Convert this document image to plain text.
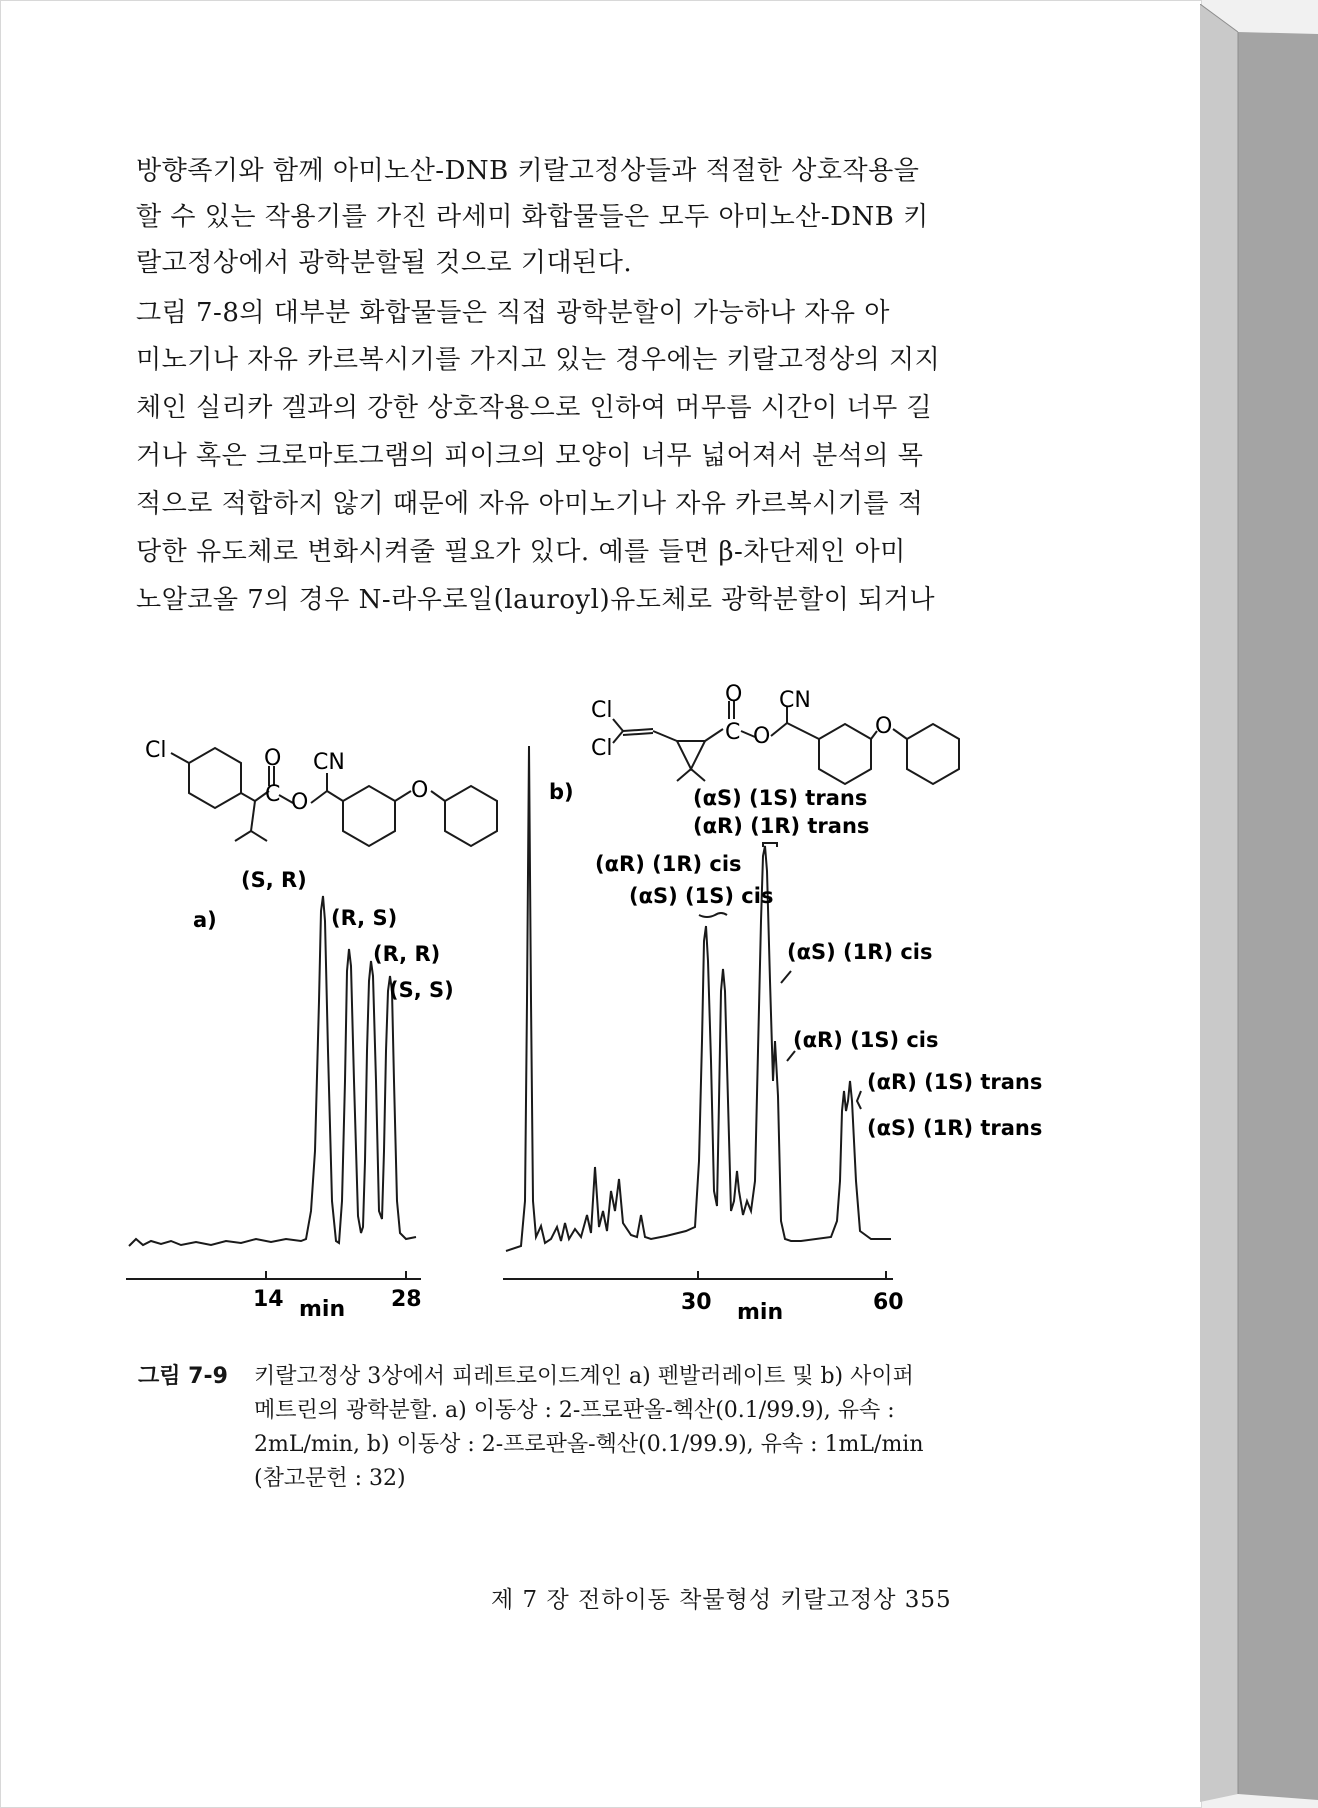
방향족기와 함께 아미노산-DNB 키랄고정상들과 적절한 상호작용을
할 수 있는 작용기를 가진 라세미 화합물들은 모두 아미노산-DNB 키
랄고정상에서 광학분할될 것으로 기대된다.
그림 7-8의 대부분 화합물들은 직접 광학분할이 가능하나 자유 아
미노기나 자유 카르복시기를 가지고 있는 경우에는 키랄고정상의 지지
체인 실리카 겔과의 강한 상호작용으로 인하여 머무름 시간이 너무 길
거나 혹은 크로마토그램의 피이크의 모양이 너무 넓어져서 분석의 목
적으로 적합하지 않기 때문에 자유 아미노기나 자유 카르복시기를 적
당한 유도체로 변화시켜줄 필요가 있다. 예를 들면 β-차단제인 아미
노알코올 7의 경우 N-라우로일(lauroyl)유도체로 광학분할이 되거나
Cl	O
C O
CN
O
Cl
Cl
O
C O
CN
O
a)
b)
14	28
min
(S, R)
(R, S)
(R, R)
(S, S)
30	60
min
(αS) (1S) trans
(αR) (1R) trans
(αR) (1R) cis
(αS) (1S) cis
(αS) (1R) cis
(αR) (1S) cis
(αR) (1S) trans
(αS) (1R) trans
그림 7-9 키랄고정상 3상에서 피레트로이드계인 a) 펜발러레이트 및 b) 사이퍼
메트린의 광학분할. a) 이동상 : 2-프로판올-헥산(0.1/99.9), 유속 :
2mL/min, b) 이동상 : 2-프로판올-헥산(0.1/99.9), 유속 : 1mL/min
(참고문헌 : 32)
제 7 장 전하이동 착물형성 키랄고정상 355
